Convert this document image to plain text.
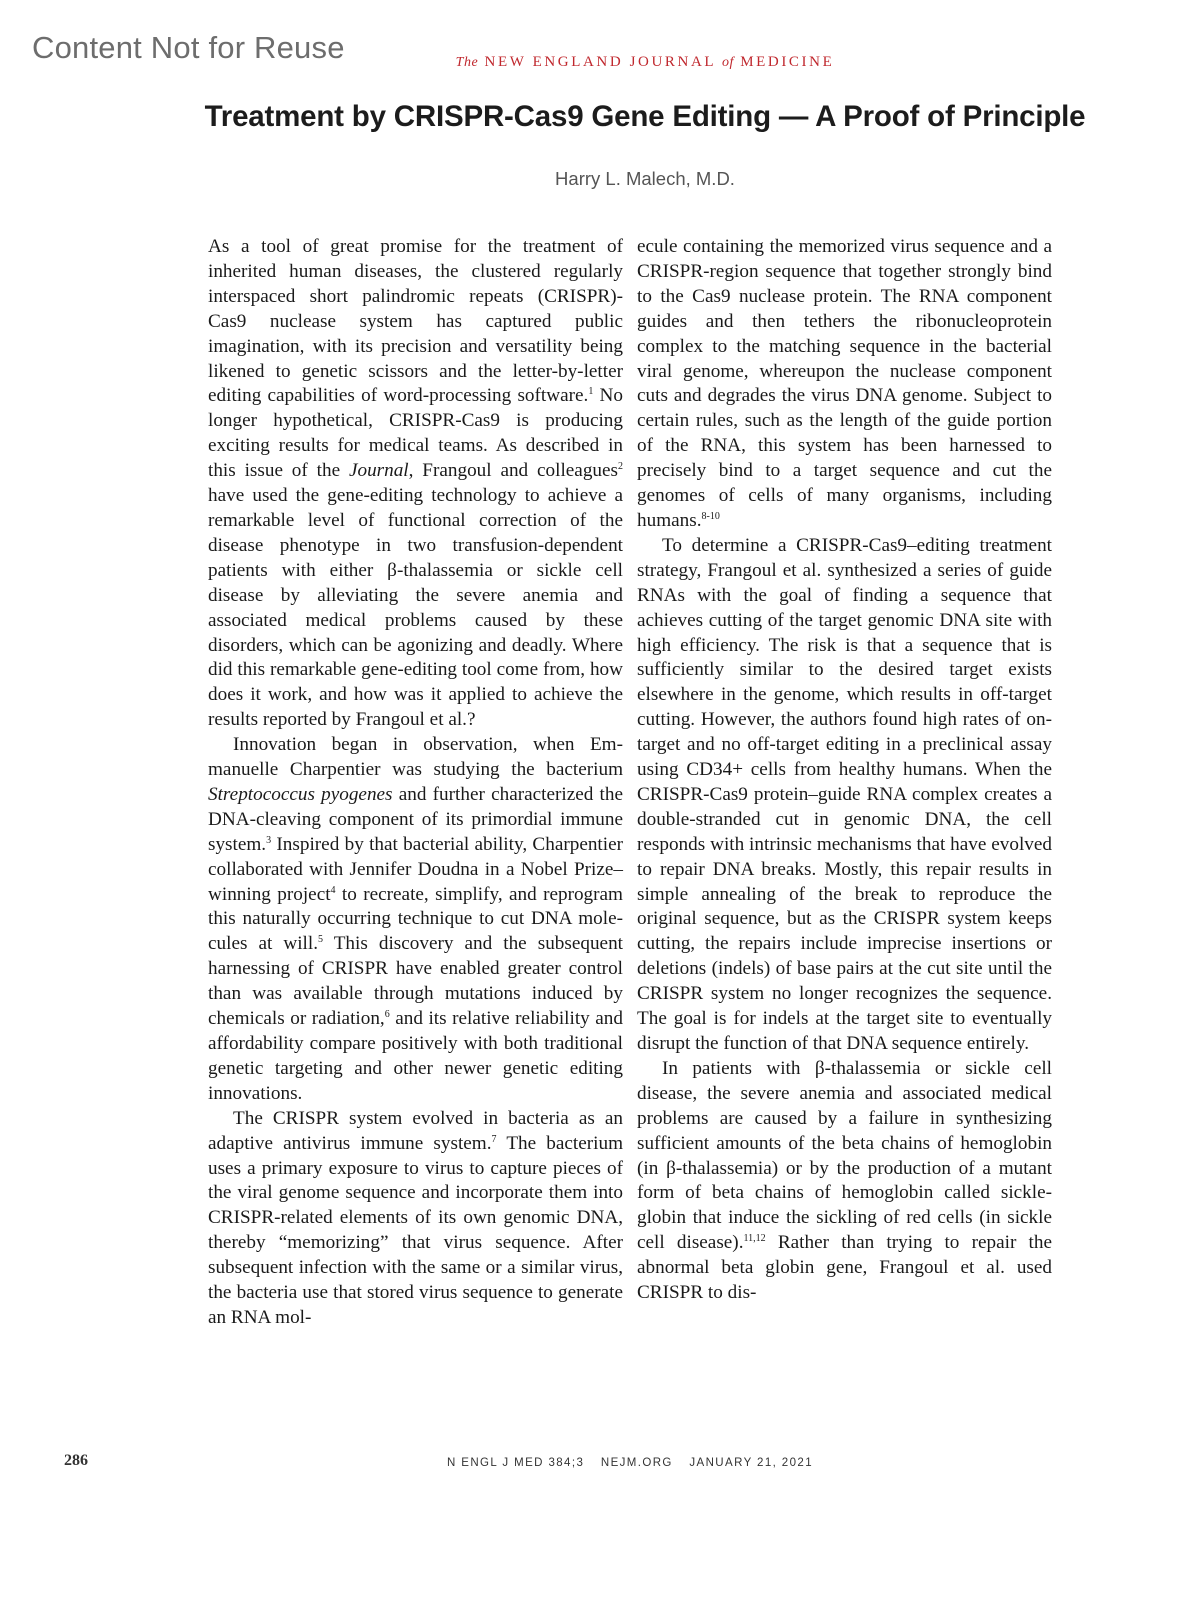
Content Not for Reuse	The NEW ENGLAND JOURNAL of MEDICINE
Treatment by CRISPR-Cas9 Gene Editing — A Proof of Principle
Harry L. Malech, M.D.

As a tool of great promise for the treatment of inherited human diseases, the clustered regularly interspaced short palindromic repeats (CRISPR)-Cas9 nuclease system has captured public imagination, with its precision and versatility being likened to genetic scissors and the letter-by-letter editing capabilities of word-processing software.$^1$ No longer hypothetical, CRISPR-Cas9 is producing exciting results for medical teams. As described in this issue of the Journal, Frangoul and colleagues$^2$ have used the gene-editing technology to achieve a remarkable level of functional correction of the disease phenotype in two transfusion-dependent patients with either β-thalassemia or sickle cell disease by alleviating the severe anemia and associated medical problems caused by these disorders, which can be agonizing and deadly. Where did this remarkable gene-editing tool come from, how does it work, and how was it applied to achieve the results reported by Frangoul et al.?

Innovation began in observation, when Emmanuelle Charpentier was studying the bacterium Streptococcus pyogenes and further characterized the DNA-cleaving component of its primordial immune system.$^3$ Inspired by that bacterial ability, Charpentier collaborated with Jennifer Doudna in a Nobel Prize–winning project$^4$ to recreate, simplify, and reprogram this naturally occurring technique to cut DNA molecules at will.$^5$ This discovery and the subsequent harnessing of CRISPR have enabled greater control than was available through mutations induced by chemicals or radiation,$^6$ and its relative reliability and affordability compare positively with both traditional genetic targeting and other newer genetic editing innovations.

The CRISPR system evolved in bacteria as an adaptive antivirus immune system.$^7$ The bacterium uses a primary exposure to virus to capture pieces of the viral genome sequence and incorporate them into CRISPR-related elements of its own genomic DNA, thereby “memorizing” that virus sequence. After subsequent infection with the same or a similar virus, the bacteria use that stored virus sequence to generate an RNA mol-

ecule containing the memorized virus sequence and a CRISPR-region sequence that together strongly bind to the Cas9 nuclease protein. The RNA component guides and then tethers the ribonucleoprotein complex to the matching sequence in the bacterial viral genome, whereupon the nuclease component cuts and degrades the virus DNA genome. Subject to certain rules, such as the length of the guide portion of the RNA, this system has been harnessed to precisely bind to a target sequence and cut the genomes of cells of many organisms, including humans.$^{8-10}$

To determine a CRISPR-Cas9–editing treatment strategy, Frangoul et al. synthesized a series of guide RNAs with the goal of finding a sequence that achieves cutting of the target genomic DNA site with high efficiency. The risk is that a sequence that is sufficiently similar to the desired target exists elsewhere in the genome, which results in off-target cutting. However, the authors found high rates of on-target and no off-target editing in a preclinical assay using CD34+ cells from healthy humans. When the CRISPR-Cas9 protein–guide RNA complex creates a double-stranded cut in genomic DNA, the cell responds with intrinsic mechanisms that have evolved to repair DNA breaks. Mostly, this repair results in simple annealing of the break to reproduce the original sequence, but as the CRISPR system keeps cutting, the repairs include imprecise insertions or deletions (indels) of base pairs at the cut site until the CRISPR system no longer recognizes the sequence. The goal is for indels at the target site to eventually disrupt the function of that DNA sequence entirely.

In patients with β-thalassemia or sickle cell disease, the severe anemia and associated medical problems are caused by a failure in synthesizing sufficient amounts of the beta chains of hemoglobin (in β-thalassemia) or by the production of a mutant form of beta chains of hemoglobin called sickle-globin that induce the sickling of red cells (in sickle cell disease).$^{11,12}$ Rather than trying to repair the abnormal beta globin gene, Frangoul et al. used CRISPR to dis-

286	N ENGL J MED 384;3 NEJM.ORG JANUARY 21, 2021
